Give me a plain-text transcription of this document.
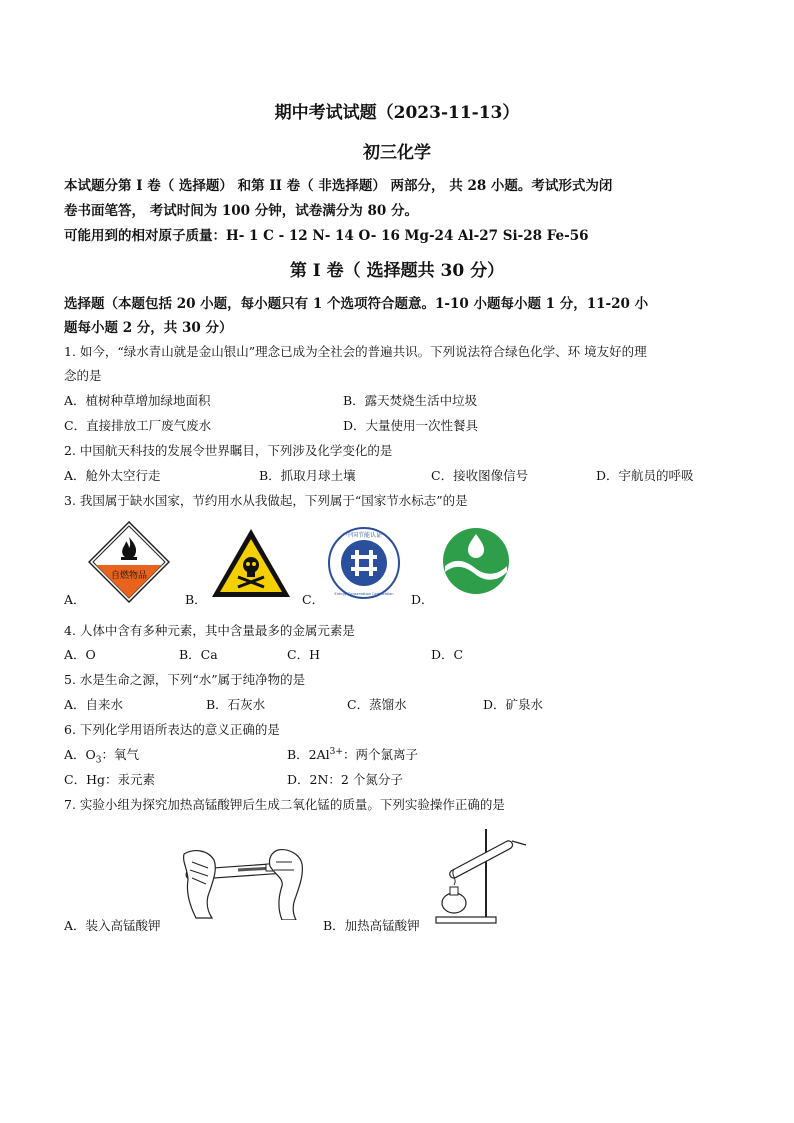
期中考试试题（2023-11-13）
初三化学
本试题分第 I 卷（ 选择题） 和第 II 卷（ 非选择题） 两部分， 共 28 小题。考试形式为闭
卷书面笔答， 考试时间为 100 分钟，试卷满分为 80 分。
可能用到的相对原子质量：H- 1 C - 12 N- 14 O- 16 Mg-24 Al-27 Si-28 Fe-56
第 I 卷（ 选择题共 30 分）
选择题（本题包括 20 小题，每小题只有 1 个选项符合题意。1-10 小题每小题 1 分，11-20 小
题每小题 2 分，共 30 分）
1. 如今，“绿水青山就是金山银山”理念已成为全社会的普遍共识。下列说法符合绿色化学、环 境友好的理
念的是
A．植树种草增加绿地面积	B．露天焚烧生活中垃圾
C．直接排放工厂废气废水	D．大量使用一次性餐具
2. 中国航天科技的发展令世界瞩目，下列涉及化学变化的是
A．舱外太空行走	B．抓取月球土壤	C．接收图像信号	D．宇航员的呼吸
3. 我国属于缺水国家，节约用水从我做起，下列属于“国家节水标志”的是
自燃物品
中国节能认证
Energy Conservation Certification
A．	B．	C．	D．
4. 人体中含有多种元素，其中含量最多的金属元素是
A．O	B．Ca	C．H	D．C
5. 水是生命之源，下列“水”属于纯净物的是
A．自来水	B．石灰水	C．蒸馏水	D．矿泉水
6. 下列化学用语所表达的意义正确的是
A．$O_3$：氧气	B．$2Al^{3+}$：两个氯离子
C．Hg：汞元素	D．2N：2 个氮分子
7. 实验小组为探究加热高锰酸钾后生成二氧化锰的质量。下列实验操作正确的是
A．装入高锰酸钾	B．加热高锰酸钾
